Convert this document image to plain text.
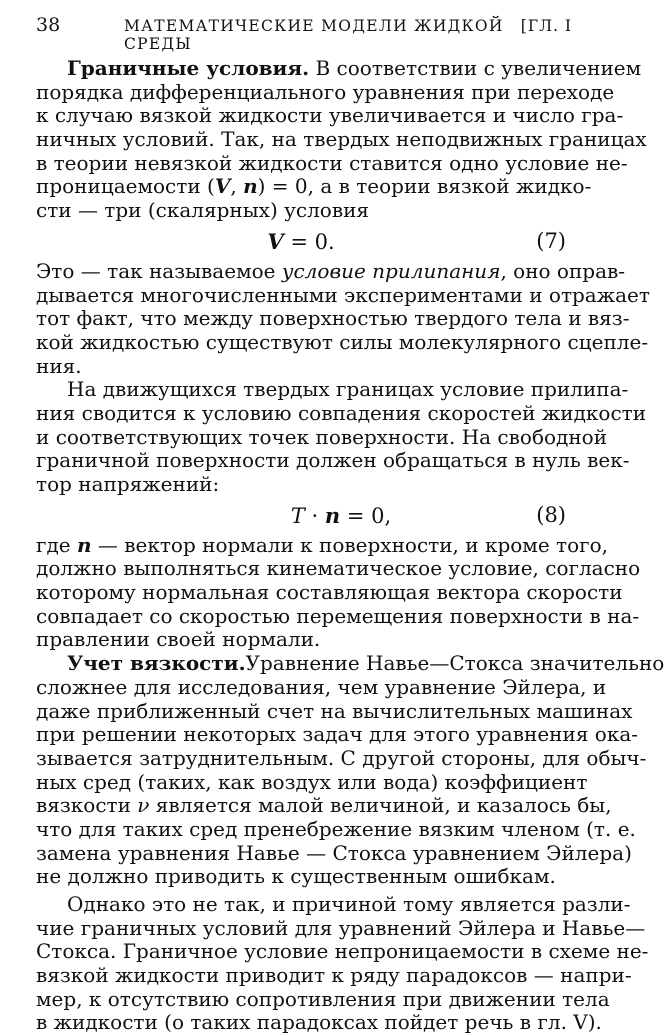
38	МАТЕМАТИЧЕСКИЕ МОДЕЛИ ЖИДКОЙ СРЕДЫ
[ГЛ. I
Граничные условия. В соответствии с увеличением
порядка дифференциального уравнения при переходе
к случаю вязкой жидкости увеличивается и число гра-
ничных условий. Так, на твердых неподвижных границах
в теории невязкой жидкости ставится одно условие не-
проницаемости (V, n) = 0, а в теории вязкой жидко-
сти — три (скалярных) условия
V = 0.	(7)
Это — так называемое условие прилипания, оно оправ-
дывается многочисленными экспериментами и отражает
тот факт, что между поверхностью твердого тела и вяз-
кой жидкостью существуют силы молекулярного сцепле-
ния.
На движущихся твердых границах условие прилипа-
ния сводится к условию совпадения скоростей жидкости
и соответствующих точек поверхности. На свободной
граничной поверхности должен обращаться в нуль век-
тор напряжений:
T · n = 0,	(8)
где n — вектор нормали к поверхности, и кроме того,
должно выполняться кинематическое условие, согласно
которому нормальная составляющая вектора скорости
совпадает со скоростью перемещения поверхности в на-
правлении своей нормали.
Учет вязкости.Уравнение Навье—Стокса значительно
сложнее для исследования, чем уравнение Эйлера, и
даже приближенный счет на вычислительных машинах
при решении некоторых задач для этого уравнения ока-
зывается затруднительным. С другой стороны, для обыч-
ных сред (таких, как воздух или вода) коэффициент
вязкости ν является малой величиной, и казалось бы,
что для таких сред пренебрежение вязким членом (т. е.
замена уравнения Навье — Стокса уравнением Эйлера)
не должно приводить к существенным ошибкам.
Однако это не так, и причиной тому является разли-
чие граничных условий для уравнений Эйлера и Навье—
Стокса. Граничное условие непроницаемости в схеме не-
вязкой жидкости приводит к ряду парадоксов — напри-
мер, к отсутствию сопротивления при движении тела
в жидкости (о таких парадоксах пойдет речь в гл. V).
